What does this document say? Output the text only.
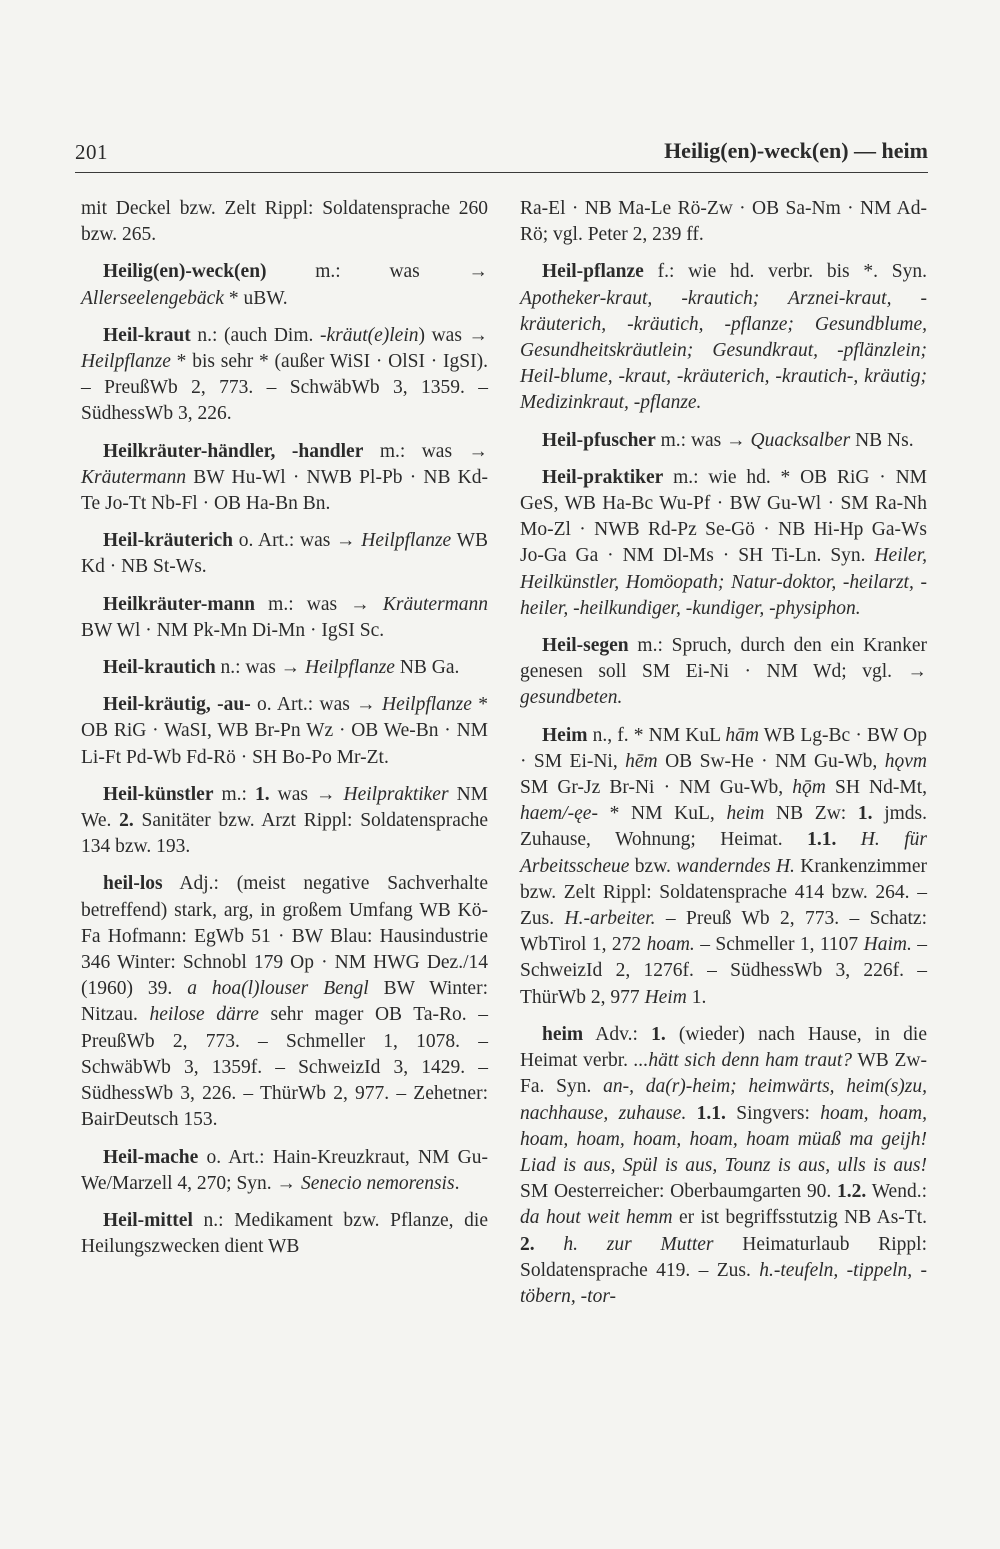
201	Heilig(en)-weck(en) — heim

mit Deckel bzw. Zelt Rippl: Soldatensprache 260 bzw. 265.

Heilig(en)-weck(en) m.: was → Allerseelengebäck * uBW.

Heil-kraut n.: (auch Dim. -kräut(e)lein) was → Heilpflanze * bis sehr * (außer WiSI · OlSI · IgSI). – PreußWb 2, 773. – SchwäbWb 3, 1359. – SüdhessWb 3, 226.

Heilkräuter-händler, -handler m.: was → Kräutermann BW Hu-Wl · NWB Pl-Pb · NB Kd-Te Jo-Tt Nb-Fl · OB Ha-Bn Bn.

Heil-kräuterich o. Art.: was → Heilpflanze WB Kd · NB St-Ws.

Heilkräuter-mann m.: was → Kräutermann BW Wl · NM Pk-Mn Di-Mn · IgSI Sc.

Heil-krautich n.: was → Heilpflanze NB Ga.

Heil-kräutig, -au- o. Art.: was → Heilpflanze * OB RiG · WaSI, WB Br-Pn Wz · OB We-Bn · NM Li-Ft Pd-Wb Fd-Rö · SH Bo-Po Mr-Zt.

Heil-künstler m.: 1. was → Heilpraktiker NM We. 2. Sanitäter bzw. Arzt Rippl: Soldatensprache 134 bzw. 193.

heil-los Adj.: (meist negative Sachverhalte betreffend) stark, arg, in großem Umfang WB Kö-Fa Hofmann: EgWb 51 · BW Blau: Hausindustrie 346 Winter: Schnobl 179 Op · NM HWG Dez./14 (1960) 39. a hoa(l)louser Bengl BW Winter: Nitzau. heilose därre sehr mager OB Ta-Ro. – PreußWb 2, 773. – Schmeller 1, 1078. – SchwäbWb 3, 1359f. – SchweizId 3, 1429. – SüdhessWb 3, 226. – ThürWb 2, 977. – Zehetner: BairDeutsch 153.

Heil-mache o. Art.: Hain-Kreuzkraut, NM Gu-We/Marzell 4, 270; Syn. → Senecio nemorensis.

Heil-mittel n.: Medikament bzw. Pflanze, die Heilungszwecken dient WB

Ra-El · NB Ma-Le Rö-Zw · OB Sa-Nm · NM Ad-Rö; vgl. Peter 2, 239 ff.

Heil-pflanze f.: wie hd. verbr. bis *. Syn. Apotheker-kraut, -krautich; Arznei-kraut, -kräuterich, -kräutich, -pflanze; Gesundblume, Gesundheitskräutlein; Gesundkraut, -pflänzlein; Heil-blume, -kraut, -kräuterich, -krautich-, kräutig; Medizinkraut, -pflanze.

Heil-pfuscher m.: was → Quacksalber NB Ns.

Heil-praktiker m.: wie hd. * OB RiG · NM GeS, WB Ha-Bc Wu-Pf · BW Gu-Wl · SM Ra-Nh Mo-Zl · NWB Rd-Pz Se-Gö · NB Hi-Hp Ga-Ws Jo-Ga Ga · NM Dl-Ms · SH Ti-Ln. Syn. Heiler, Heilkünstler, Homöopath; Natur-doktor, -heilarzt, -heiler, -heilkundiger, -kundiger, -physiphon.

Heil-segen m.: Spruch, durch den ein Kranker genesen soll SM Ei-Ni · NM Wd; vgl. → gesundbeten.

Heim n., f. * NM KuL hām WB Lg-Bc · BW Op · SM Ei-Ni, hēm OB Sw-He · NM Gu-Wb, hǫvm SM Gr-Jz Br-Ni · NM Gu-Wb, hǭm SH Nd-Mt, haem/-ęe- * NM KuL, heim NB Zw: 1. jmds. Zuhause, Wohnung; Heimat. 1.1. H. für Arbeitsscheue bzw. wanderndes H. Krankenzimmer bzw. Zelt Rippl: Soldatensprache 414 bzw. 264. – Zus. H.-arbeiter. – Preuß Wb 2, 773. – Schatz: WbTirol 1, 272 hoam. – Schmeller 1, 1107 Haim. – SchweizId 2, 1276f. – SüdhessWb 3, 226f. – ThürWb 2, 977 Heim 1.

heim Adv.: 1. (wieder) nach Hause, in die Heimat verbr. ...hätt sich denn ham traut? WB Zw-Fa. Syn. an-, da(r)-heim; heimwärts, heim(s)zu, nachhause, zuhause. 1.1. Singvers: hoam, hoam, hoam, hoam, hoam, hoam, hoam müaß ma geijh! Liad is aus, Spül is aus, Tounz is aus, ulls is aus! SM Oesterreicher: Oberbaumgarten 90. 1.2. Wend.: da hout weit hemm er ist begriffsstutzig NB As-Tt. 2. h. zur Mutter Heimaturlaub Rippl: Soldatensprache 419. – Zus. h.-teufeln, -tippeln, -töbern, -tor-
